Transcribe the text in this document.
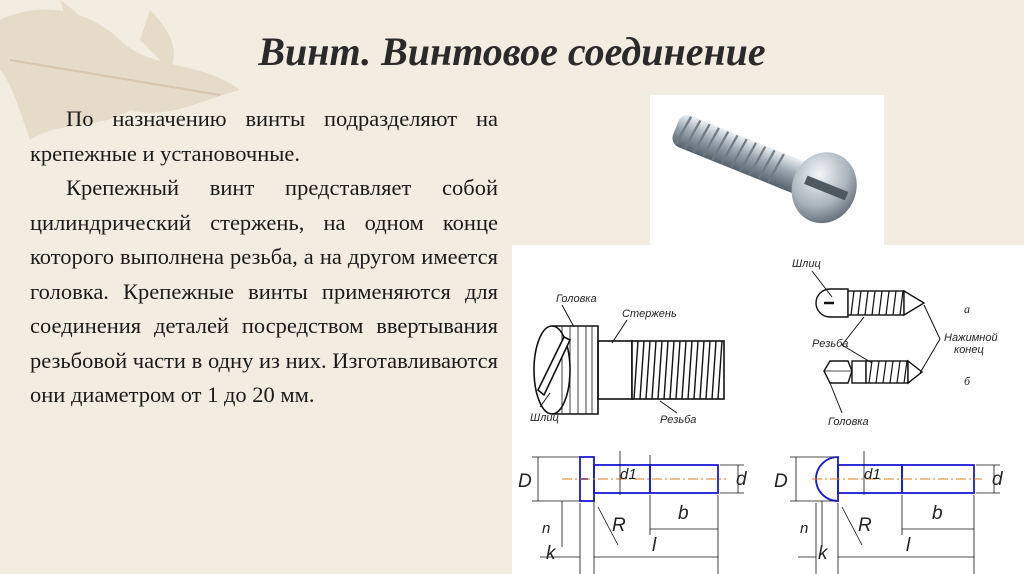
Винт. Винтовое соединение

По назначению винты подразделяют на крепежные и установочные.

Крепежный винт представляет собой цилиндрический стержень, на одном конце которого выполнена резьба, а на другом имеется головка. Крепежные винты применяются для соединения деталей посредством ввертывания резьбовой части в одну из них. Изготавливаются они диаметром от 1 до 20 мм.

Головка
Стержень
Шлиц	Резьба
Шлиц
Резьба	Нажимной
конец
Головка
а
б
D	d1	d
n	R
k
b
l
D	d1	d
n	R
k
b
l
